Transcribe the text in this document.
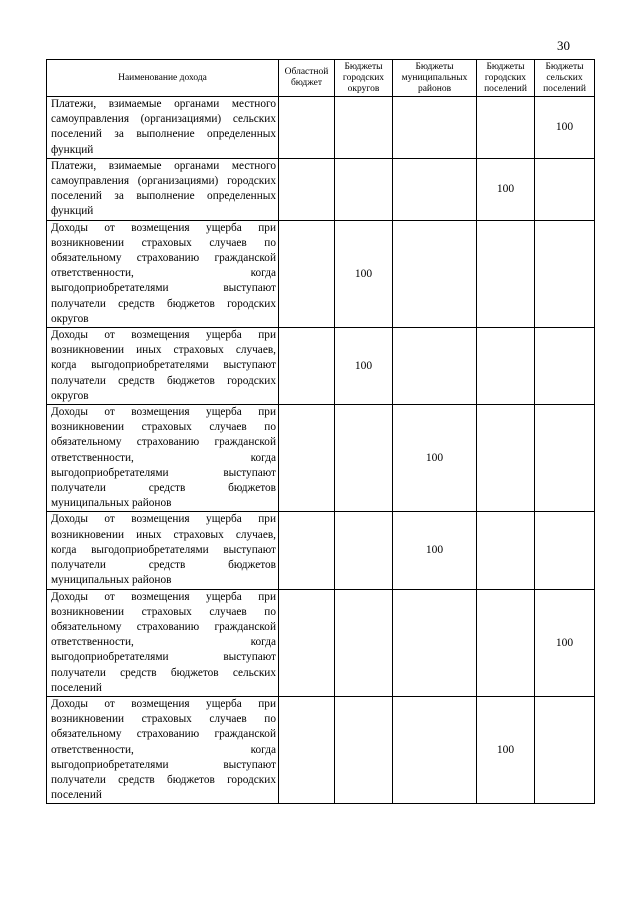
30
Наименование дохода	Областной бюджет	Бюджеты городских округов	Бюджеты муниципальных районов	Бюджеты городских поселений	Бюджеты сельских поселений
Платежи, взимаемые органами местного самоуправления (организациями) сельских поселений за выполнение определенных функций					100
Платежи, взимаемые органами местного самоуправления (организациями) городских поселений за выполнение определенных функций				100	
Доходы от возмещения ущерба при возникновении страховых случаев по обязательному страхованию гражданской ответственности, когда выгодоприобретателями выступают получатели средств бюджетов городских округов		100			
Доходы от возмещения ущерба при возникновении иных страховых случаев, когда выгодоприобретателями выступают получатели средств бюджетов городских округов		100			
Доходы от возмещения ущерба при возникновении страховых случаев по обязательному страхованию гражданской ответственности, когда выгодоприобретателями выступают получатели средств бюджетов муниципальных районов			100		
Доходы от возмещения ущерба при возникновении иных страховых случаев, когда выгодоприобретателями выступают получатели средств бюджетов муниципальных районов			100		
Доходы от возмещения ущерба при возникновении страховых случаев по обязательному страхованию гражданской ответственности, когда выгодоприобретателями выступают получатели средств бюджетов сельских поселений					100
Доходы от возмещения ущерба при возникновении страховых случаев по обязательному страхованию гражданской ответственности, когда выгодоприобретателями выступают получатели средств бюджетов городских поселений				100	
